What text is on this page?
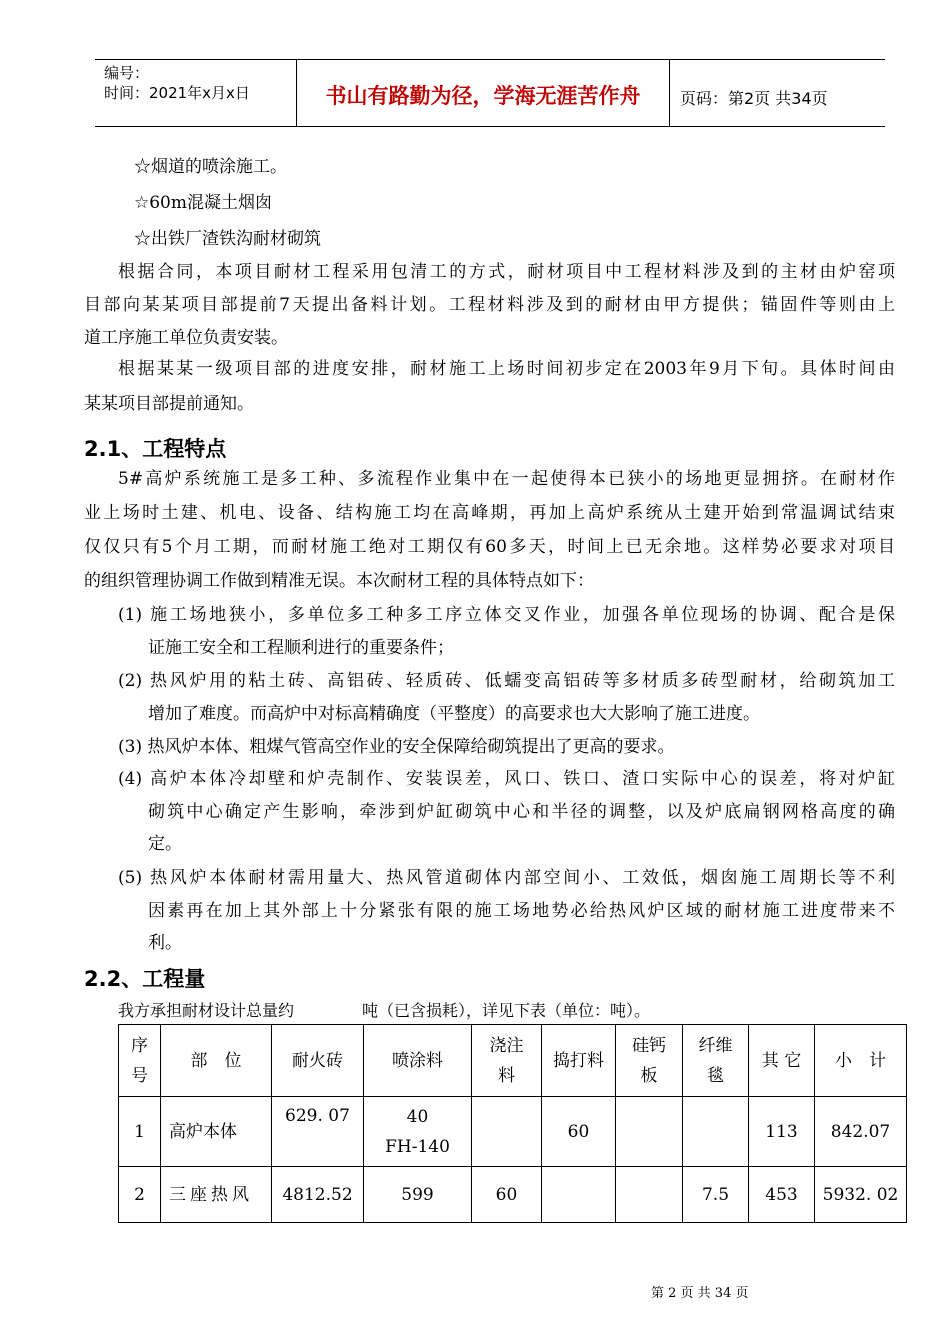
编号：
时间：2021年x月x日	书山有路勤为径，学海无涯苦作舟	页码：第2页 共34页
☆烟道的喷涂施工。
☆60m混凝土烟囱
☆出铁厂渣铁沟耐材砌筑
根据合同，本项目耐材工程采用包清工的方式，耐材项目中工程材料涉及到的主材由炉窑项
目部向某某项目部提前7天提出备料计划。工程材料涉及到的耐材由甲方提供；锚固件等则由上
道工序施工单位负责安装。
根据某某一级项目部的进度安排，耐材施工上场时间初步定在2003年9月下旬。具体时间由
某某项目部提前通知。
2.1、工程特点
5#高炉系统施工是多工种、多流程作业集中在一起使得本已狭小的场地更显拥挤。在耐材作
业上场时土建、机电、设备、结构施工均在高峰期，再加上高炉系统从土建开始到常温调试结束
仅仅只有5个月工期，而耐材施工绝对工期仅有60多天，时间上已无余地。这样势必要求对项目
的组织管理协调工作做到精准无误。本次耐材工程的具体特点如下：
(1) 施工场地狭小，多单位多工种多工序立体交叉作业，加强各单位现场的协调、配合是保
证施工安全和工程顺利进行的重要条件；
(2) 热风炉用的粘土砖、高铝砖、轻质砖、低蠕变高铝砖等多材质多砖型耐材，给砌筑加工
增加了难度。而高炉中对标高精确度（平整度）的高要求也大大影响了施工进度。
(3) 热风炉本体、粗煤气管高空作业的安全保障给砌筑提出了更高的要求。
(4) 高炉本体冷却壁和炉壳制作、安装误差，风口、铁口、渣口实际中心的误差，将对炉缸
砌筑中心确定产生影响，牵涉到炉缸砌筑中心和半径的调整，以及炉底扁钢网格高度的确
定。
(5) 热风炉本体耐材需用量大、热风管道砌体内部空间小、工效低，烟囱施工周期长等不利
因素再在加上其外部上十分紧张有限的施工场地势必给热风炉区域的耐材施工进度带来不
利。
2.2、工程量
我方承担耐材设计总量约	吨（已含损耗），详见下表（单位：吨）。
序
号	部　位	耐火砖	喷涂料	浇注
料	捣打料	硅钙
板	纤维
毯	其 它	小　计
1	高炉本体	629. 07	40
FH-140		60			113	842.07
2	三座热风	4812.52	599	60			7.5	453	5932. 02
第 2 页 共 34 页
